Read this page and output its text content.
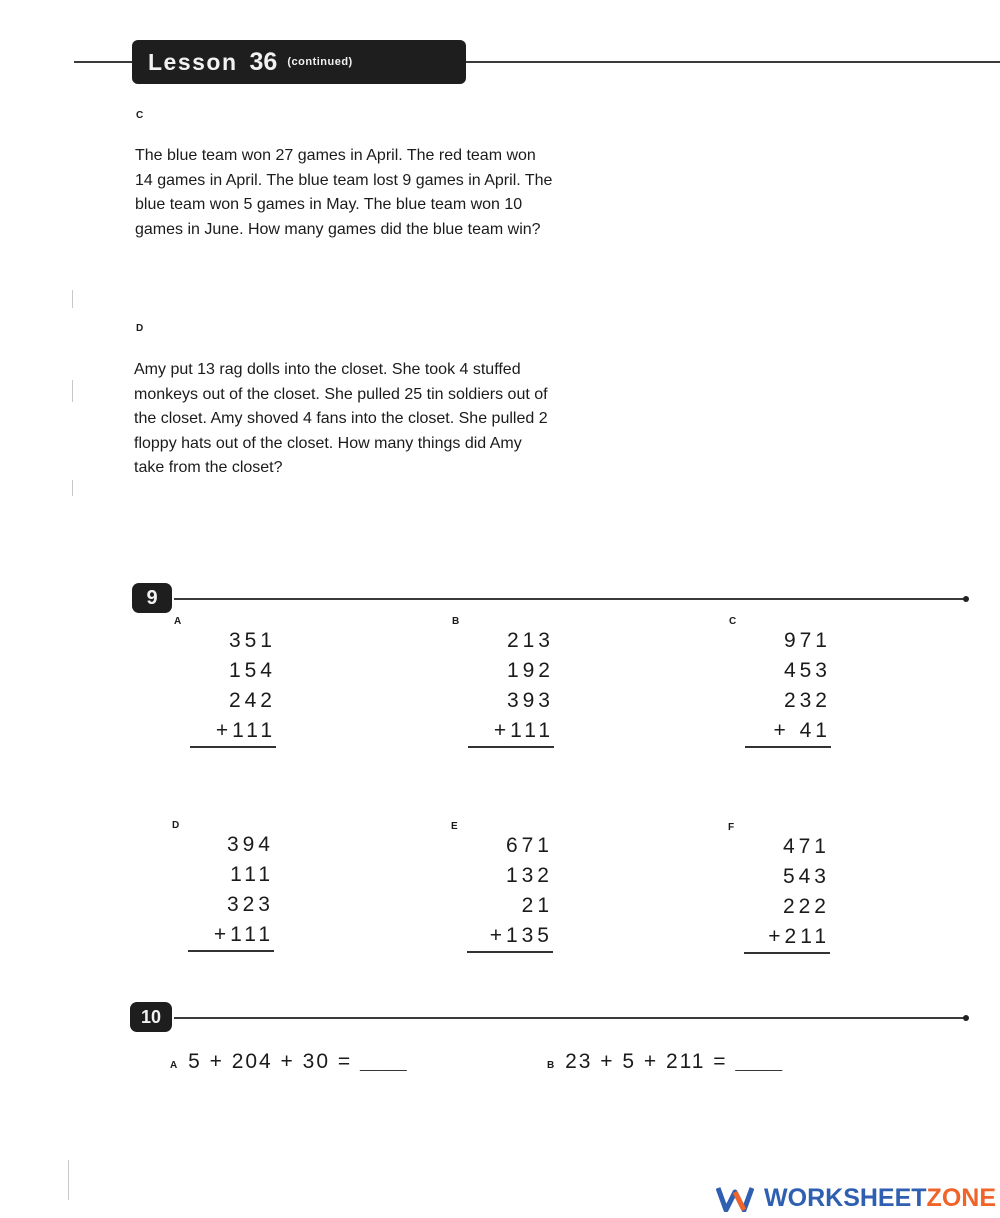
Lesson 36 (continued)
C

The blue team won 27 games in April. The red team won 14 games in April. The blue team lost 9 games in April. The blue team won 5 games in May. The blue team won 10 games in June. How many games did the blue team win?

D

Amy put 13 rag dolls into the closet. She took 4 stuffed monkeys out of the closet. She pulled 25 tin soldiers out of the closet. Amy shoved 4 fans into the closet. She pulled 2 floppy hats out of the closet. How many things did Amy take from the closet?

9
A
351
154
242
+111
B
213
192
393
+111
C
971
453
232
+ 41
D
394
111
323
+111
E
671
132
21
+135
F
471
543
222
+211
10
A 5 + 204 + 30 = ______	B 23 + 5 + 211 = ______
WORKSHEET ZONE
